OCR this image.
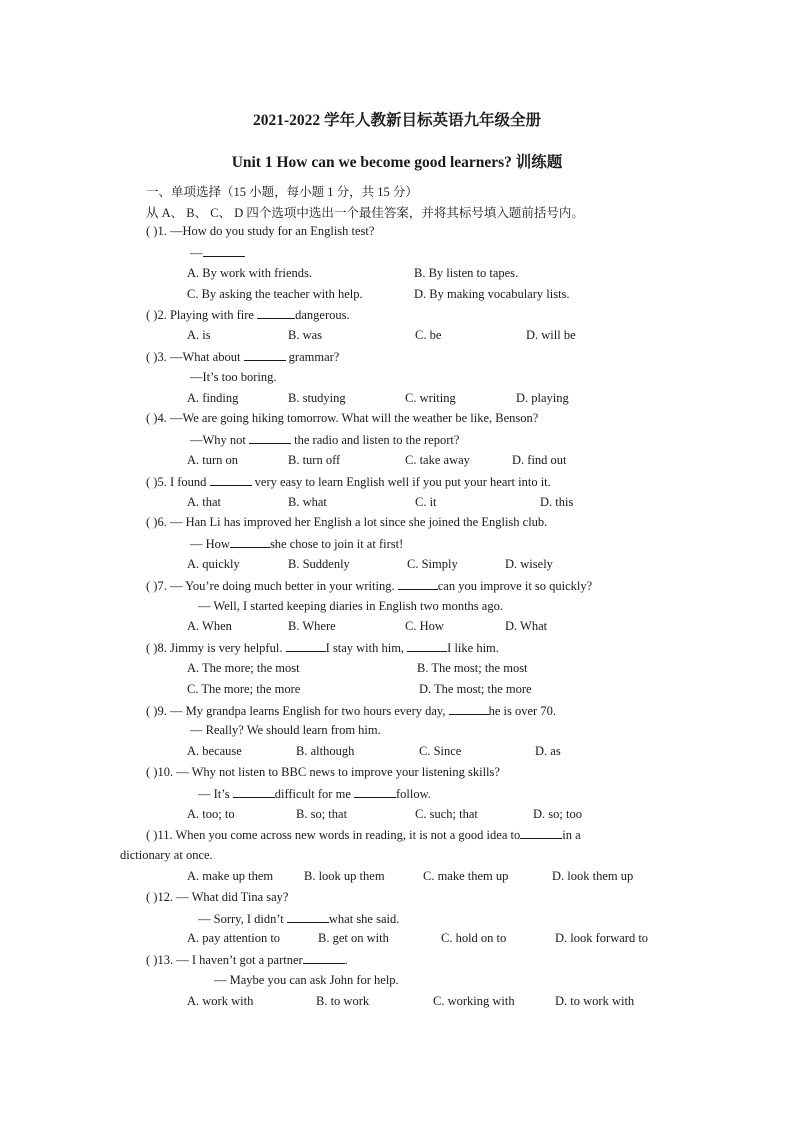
2021-2022 学年人教新目标英语九年级全册
Unit 1 How can we become good learners? 训练题
一、单项选择（15 小题，每小题 1 分，共 15 分）
从 A、 B、 C、 D 四个选项中选出一个最佳答案，并将其标号填入题前括号内。
( )1. —How do you study for an English test?
—
A. By work with friends.	B. By listen to tapes.
C. By asking the teacher with help.	D. By making vocabulary lists.
( )2. Playing with fire	dangerous.
A. is	B. was	C. be	D. will be
( )3. —What about	grammar?
—It’s too boring.
A. finding	B. studying	C. writing	D. playing
( )4. —We are going hiking tomorrow. What will the weather be like, Benson?
—Why not	the radio and listen to the report?
A. turn on	B. turn off	C. take away	D. find out
( )5. I found	very easy to learn English well if you put your heart into it.
A. that	B. what	C. it	D. this
( )6. — Han Li has improved her English a lot since she joined the English club.
— How	she chose to join it at first!
A. quickly	B. Suddenly	C. Simply	D. wisely
( )7. — You’re doing much better in your writing.	can you improve it so quickly?
— Well, I started keeping diaries in English two months ago.
A. When	B. Where	C. How	D. What
( )8. Jimmy is very helpful.	I stay with him,	I like him.
A. The more; the most	B. The most; the most
C. The more; the more	D. The most; the more
( )9. — My grandpa learns English for two hours every day,	he is over 70.
— Really? We should learn from him.
A. because	B. although	C. Since	D. as
( )10. — Why not listen to BBC news to improve your listening skills?
— It’s	difficult for me	follow.
A. too; to	B. so; that	C. such; that	D. so; too
( )11. When you come across new words in reading, it is not a good idea to	in a
dictionary at once.
A. make up them B. look up them	C. make them up	D. look them up
( )12. — What did Tina say?
— Sorry, I didn’t	what she said.
A. pay attention to	B. get on with	C. hold on to	D. look forward to
( )13. — I haven’t got a partner	.
— Maybe you can ask John for help.
A. work with	B. to work	C. working with	D. to work with
